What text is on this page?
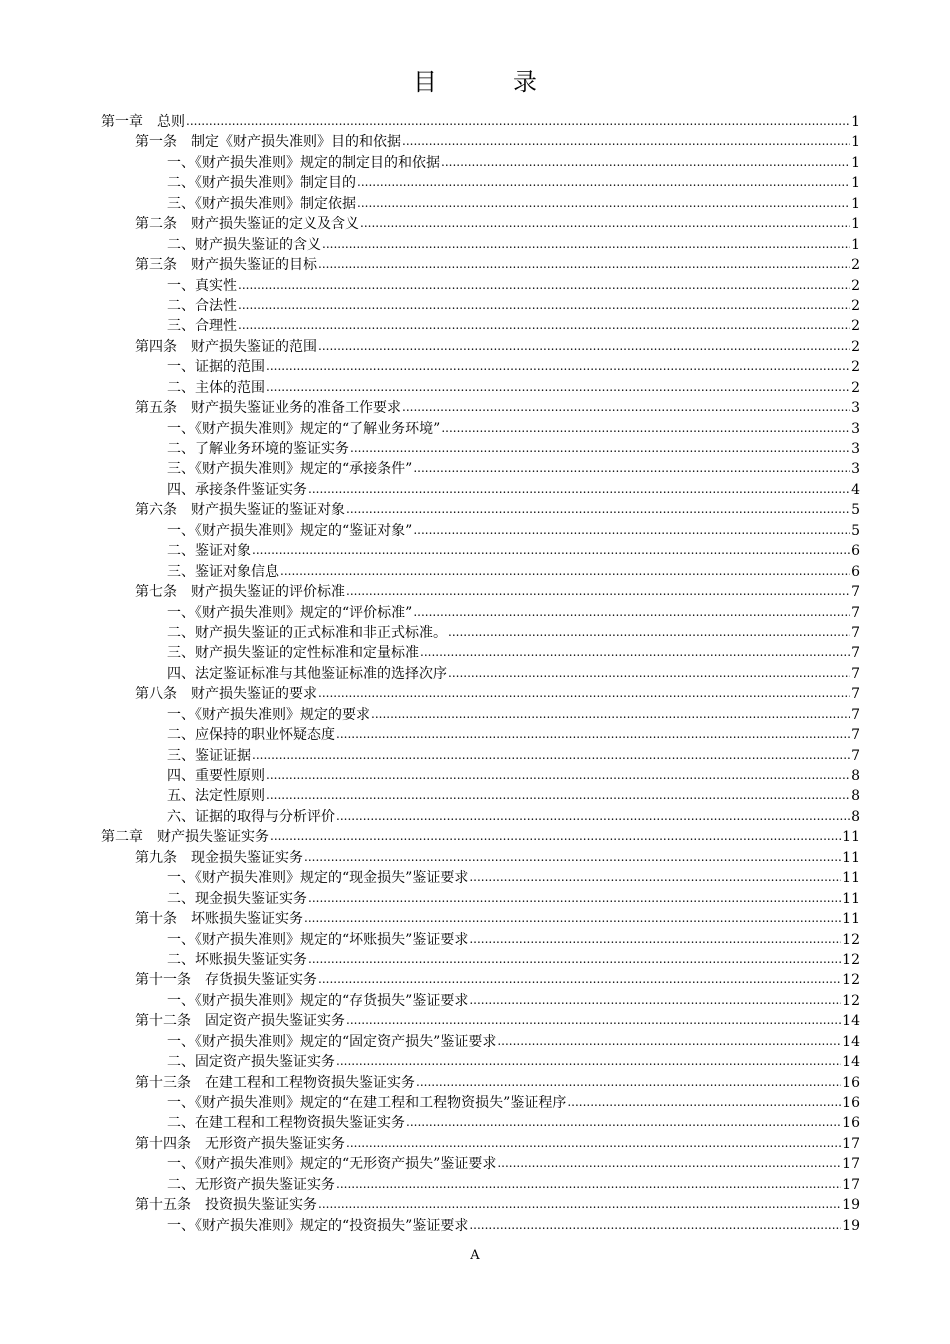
目　录
第一章　总则 .....	1
第一条　制定《财产损失准则》目的和依据 .....	1
一、《财产损失准则》规定的制定目的和依据 .....	1
二、《财产损失准则》制定目的 .....	1
三、《财产损失准则》制定依据 .....	1
第二条　财产损失鉴证的定义及含义 .....	1
二、财产损失鉴证的含义 .....	1
第三条　财产损失鉴证的目标 .....	2
一、真实性 .....	2
二、合法性 .....	2
三、合理性 .....	2
第四条　财产损失鉴证的范围 .....	2
一、证据的范围 .....	2
二、主体的范围 .....	2
第五条　财产损失鉴证业务的准备工作要求 .....	3
一、《财产损失准则》规定的“了解业务环境” .....	3
二、了解业务环境的鉴证实务 .....	3
三、《财产损失准则》规定的“承接条件” .....	3
四、承接条件鉴证实务 .....	4
第六条　财产损失鉴证的鉴证对象 .....	5
一、《财产损失准则》规定的“鉴证对象” .....	5
二、鉴证对象 .....	6
三、鉴证对象信息 .....	6
第七条　财产损失鉴证的评价标准 .....	7
一、《财产损失准则》规定的“评价标准” .....	7
二、财产损失鉴证的正式标准和非正式标准。 .....	7
三、财产损失鉴证的定性标准和定量标准 .....	7
四、法定鉴证标准与其他鉴证标准的选择次序 .....	7
第八条　财产损失鉴证的要求 .....	7
一、《财产损失准则》规定的要求 .....	7
二、应保持的职业怀疑态度 .....	7
三、鉴证证据 .....	7
四、重要性原则 .....	8
五、法定性原则 .....	8
六、证据的取得与分析评价 .....	8
第二章　财产损失鉴证实务 .....	11
第九条　现金损失鉴证实务 .....	11
一、《财产损失准则》规定的“现金损失”鉴证要求 .....	11
二、现金损失鉴证实务 .....	11
第十条　坏账损失鉴证实务 .....	11
一、《财产损失准则》规定的“坏账损失”鉴证要求 .....	12
二、坏账损失鉴证实务 .....	12
第十一条　存货损失鉴证实务 .....	12
一、《财产损失准则》规定的“存货损失”鉴证要求 .....	12
第十二条　固定资产损失鉴证实务 .....	14
一、《财产损失准则》规定的“固定资产损失”鉴证要求 .....	14
二、固定资产损失鉴证实务 .....	14
第十三条　在建工程和工程物资损失鉴证实务 .....	16
一、《财产损失准则》规定的“在建工程和工程物资损失”鉴证程序 .....	16
二、在建工程和工程物资损失鉴证实务 .....	16
第十四条　无形资产损失鉴证实务 .....	17
一、《财产损失准则》规定的“无形资产损失”鉴证要求 .....	17
二、无形资产损失鉴证实务 .....	17
第十五条　投资损失鉴证实务 .....	19
一、《财产损失准则》规定的“投资损失”鉴证要求 .....	19
A
